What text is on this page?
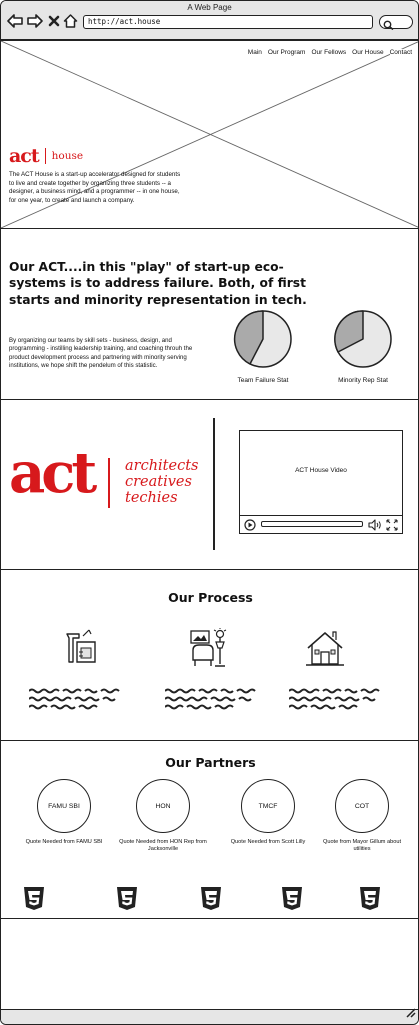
A Web Page
http://act.house
Main Our Program Our Fellows Our House Contact
act house

The ACT House is a start-up accelerator designed for students to live and create together by organizing three students -- a designer, a business mind, and a programmer -- in one house, for one year, to create and launch a company.

Our ACT....in this "play" of start-up eco-systems is to address failure. Both, of first starts and minority representation in tech.

By organizing our teams by skill sets - business, design, and programming - instilling leadership training, and coaching throuh the product development process and partnering with minority serving institutions, we hope shift the pendelum of this statistic.

Team Failure Stat	Minority Rep Stat
act architects
creatives
techies
ACT House Video
Our Process
Our Partners
FAMU SBI	HON	TMCF	COT
Quote Needed from FAMU SBI	Quote Needed from HON Rep from Jacksonville
Quote Needed from Scott Lilly	Quote from Mayor Gillum about utilities
